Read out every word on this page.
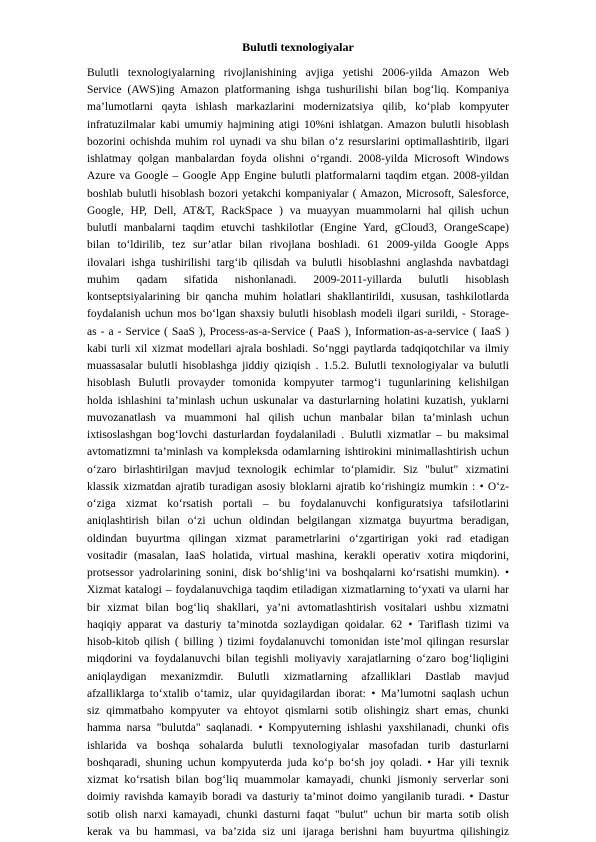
Bulutli texnologiyalar
Bulutli texnologiyalarning rivojlanishining avjiga yetishi 2006-yilda Amazon Web
Service (AWS)ing Amazon platformaning ishga tushurilishi bilan bog‘liq. Kompaniya
ma’lumotlarni qayta ishlash markazlarini modernizatsiya qilib, ko‘plab kompyuter
infratuzilmalar kabi umumiy hajmining atigi 10%ni ishlatgan. Amazon bulutli hisoblash
bozorini ochishda muhim rol uynadi va shu bilan o‘z resurslarini optimallashtirib, ilgari
ishlatmay qolgan manbalardan foyda olishni o‘rgandi. 2008-yilda Microsoft Windows
Azure va Google – Google App Engine bulutli platformalarni taqdim etgan. 2008-yildan
boshlab bulutli hisoblash bozori yetakchi kompaniyalar ( Amazon, Microsoft, Salesforce,
Google, HP, Dell, AT&T, RackSpace ) va muayyan muammolarni hal qilish uchun
bulutli manbalarni taqdim etuvchi tashkilotlar (Engine Yard, gCloud3, OrangeScape)
bilan to‘ldirilib, tez sur’atlar bilan rivojlana boshladi. 61 2009-yilda Google Apps
ilovalari ishga tushirilishi targ‘ib qilisdah va bulutli hisoblashni anglashda navbatdagi
muhim qadam sifatida nishonlanadi. 2009-2011-yillarda bulutli hisoblash
kontseptsiyalarining bir qancha muhim holatlari shakllantirildi, xususan, tashkilotlarda
foydalanish uchun mos bo‘lgan shaxsiy bulutli hisoblash modeli ilgari surildi, - Storage-
as - a - Service ( SaaS ), Process-as-a-Service ( PaaS ), Information-as-a-service ( IaaS )
kabi turli xil xizmat modellari ajrala boshladi. So‘nggi paytlarda tadqiqotchilar va ilmiy
muassasalar bulutli hisoblashga jiddiy qiziqish . 1.5.2. Bulutli texnologiyalar va bulutli
hisoblash Bulutli provayder tomonida kompyuter tarmog‘i tugunlarining kelishilgan
holda ishlashini ta’minlash uchun uskunalar va dasturlarning holatini kuzatish, yuklarni
muvozanatlash va muammoni hal qilish uchun manbalar bilan ta’minlash uchun
ixtisoslashgan bog‘lovchi dasturlardan foydalaniladi . Bulutli xizmatlar – bu maksimal
avtomatizmni ta’minlash va kompleksda odamlarning ishtirokini minimallashtirish uchun
o‘zaro birlashtirilgan mavjud texnologik echimlar to‘plamidir. Siz "bulut" xizmatini
klassik xizmatdan ajratib turadigan asosiy bloklarni ajratib ko‘rishingiz mumkin : • O‘z-
o‘ziga xizmat ko‘rsatish portali – bu foydalanuvchi konfiguratsiya tafsilotlarini
aniqlashtirish bilan o‘zi uchun oldindan belgilangan xizmatga buyurtma beradigan,
oldindan buyurtma qilingan xizmat parametrlarini o‘zgartirigan yoki rad etadigan
vositadir (masalan, IaaS holatida, virtual mashina, kerakli operativ xotira miqdorini,
protsessor yadrolarining sonini, disk bo‘shlig‘ini va boshqalarni ko‘rsatishi mumkin). •
Xizmat katalogi – foydalanuvchiga taqdim etiladigan xizmatlarning to‘yxati va ularni har
bir xizmat bilan bog‘liq shakllari, ya’ni avtomatlashtirish vositalari ushbu xizmatni
haqiqiy apparat va dasturiy ta’minotda sozlaydigan qoidalar. 62 • Tariflash tizimi va
hisob-kitob qilish ( billing ) tizimi foydalanuvchi tomonidan iste’mol qilingan resurslar
miqdorini va foydalanuvchi bilan tegishli moliyaviy xarajatlarning o‘zaro bog‘liqligini
aniqlaydigan mexanizmdir. Bulutli xizmatlarning afzalliklari Dastlab mavjud
afzalliklarga to‘xtalib o‘tamiz, ular quyidagilardan iborat: • Ma’lumotni saqlash uchun
siz qimmatbaho kompyuter va ehtoyot qismlarni sotib olishingiz shart emas, chunki
hamma narsa "bulutda" saqlanadi. • Kompyuterning ishlashi yaxshilanadi, chunki ofis
ishlarida va boshqa sohalarda bulutli texnologiyalar masofadan turib dasturlarni
boshqaradi, shuning uchun kompyuterda juda ko‘p bo‘sh joy qoladi. • Har yili texnik
xizmat ko‘rsatish bilan bog‘liq muammolar kamayadi, chunki jismoniy serverlar soni
doimiy ravishda kamayib boradi va dasturiy ta’minot doimo yangilanib turadi. • Dastur
sotib olish narxi kamayadi, chunki dasturni faqat "bulut" uchun bir marta sotib olish
kerak va bu hammasi, va ba’zida siz uni ijaraga berishni ham buyurtma qilishingiz
